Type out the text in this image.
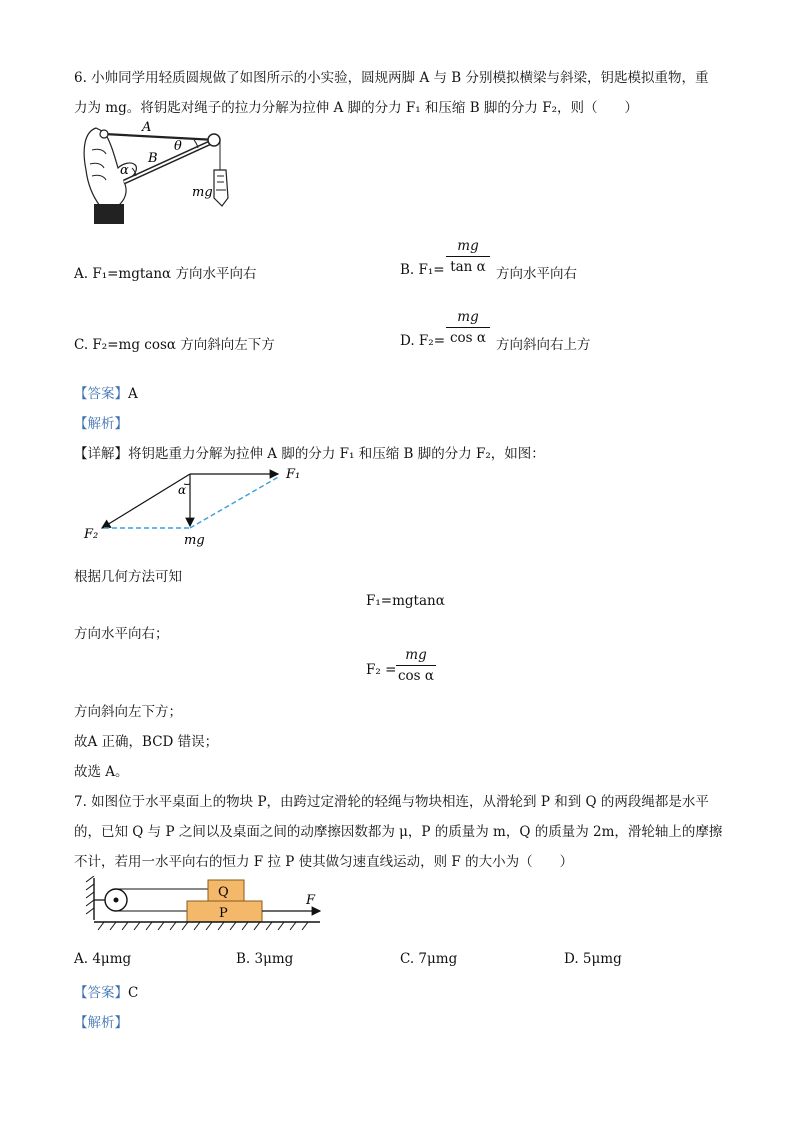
6. 小帅同学用轻质圆规做了如图所示的小实验，圆规两脚 A 与 B 分别模拟横梁与斜梁，钥匙模拟重物，重
力为 mg。将钥匙对绳子的拉力分解为拉伸 A 脚的分力 F₁ 和压缩 B 脚的分力 F₂，则（　　）
A
B
θ
α
mg
A. F₁=mgtanα 方向水平向右	B. F₁=
mg
tan α 方向水平向右
C. F₂=mg cosα 方向斜向左下方	D. F₂=
mg
cos α 方向斜向右上方
【答案】A
【解析】
【详解】将钥匙重力分解为拉伸 A 脚的分力 F₁ 和压缩 B 脚的分力 F₂，如图：
F₁
F₂
α
mg
根据几何方法可知
F₁=mgtanα
方向水平向右；
F₂ =
mg
cos α
方向斜向左下方；
故A 正确，BCD 错误；
故选 A。
7. 如图位于水平桌面上的物块 P，由跨过定滑轮的轻绳与物块相连，从滑轮到 P 和到 Q 的两段绳都是水平
的，已知 Q 与 P 之间以及桌面之间的动摩擦因数都为 μ，P 的质量为 m，Q 的质量为 2m，滑轮轴上的摩擦
不计，若用一水平向右的恒力 F 拉 P 使其做匀速直线运动，则 F 的大小为（　　）
Q
P
F
A. 4μmg	B. 3μmg	C. 7μmg	D. 5μmg
【答案】C
【解析】
